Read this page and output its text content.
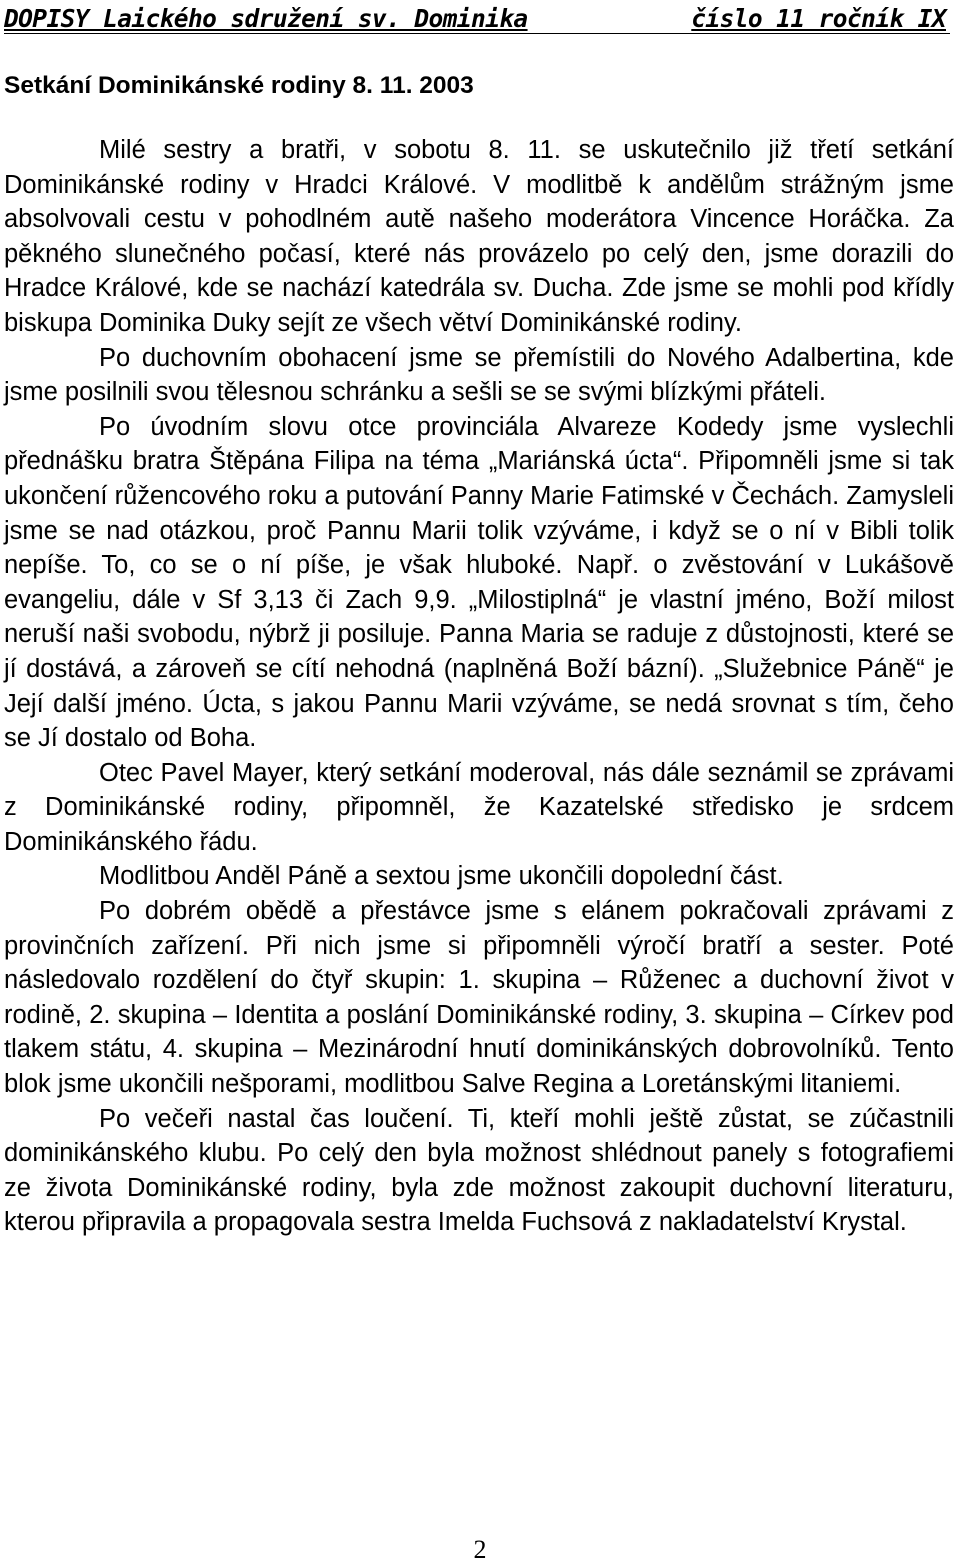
DOPISY Laického sdružení sv. Dominika	číslo 11 ročník IX
Setkání Dominikánské rodiny 8. 11. 2003

Milé sestry a bratři, v sobotu 8. 11. se uskutečnilo již třetí setkání Dominikánské rodiny v Hradci Králové. V modlitbě k andělům strážným jsme absolvovali cestu v pohodlném autě našeho moderátora Vincence Horáčka. Za pěkného slunečného počasí, které nás provázelo po celý den, jsme dorazili do Hradce Králové, kde se nachází katedrála sv. Ducha. Zde jsme se mohli pod křídly biskupa Dominika Duky sejít ze všech větví Dominikánské rodiny.

Po duchovním obohacení jsme se přemístili do Nového Adalbertina, kde jsme posilnili svou tělesnou schránku a sešli se se svými blízkými přáteli.

Po úvodním slovu otce provinciála Alvareze Kodedy jsme vyslechli přednášku bratra Štěpána Filipa na téma „Mariánská úcta“. Připomněli jsme si tak ukončení růžencového roku a putování Panny Marie Fatimské v Čechách. Zamysleli jsme se nad otázkou, proč Pannu Marii tolik vzýváme, i když se o ní v Bibli tolik nepíše. To, co se o ní píše, je však hluboké. Např. o zvěstování v Lukášově evangeliu, dále v Sf 3,13 či Zach 9,9. „Milostiplná“ je vlastní jméno, Boží milost neruší naši svobodu, nýbrž ji posiluje. Panna Maria se raduje z důstojnosti, které se jí dostává, a zároveň se cítí nehodná (naplněná Boží bázní). „Služebnice Páně“ je Její další jméno. Úcta, s jakou Pannu Marii vzýváme, se nedá srovnat s tím, čeho se Jí dostalo od Boha.

Otec Pavel Mayer, který setkání moderoval, nás dále seznámil se zprávami z Dominikánské rodiny, připomněl, že Kazatelské středisko je srdcem Dominikánského řádu.

Modlitbou Anděl Páně a sextou jsme ukončili dopolední část.

Po dobrém obědě a přestávce jsme s elánem pokračovali zprávami z provinčních zařízení. Při nich jsme si připomněli výročí bratří a sester. Poté následovalo rozdělení do čtyř skupin: 1. skupina – Růženec a duchovní život v rodině, 2. skupina – Identita a poslání Dominikánské rodiny, 3. skupina – Církev pod tlakem státu, 4. skupina – Mezinárodní hnutí dominikánských dobrovolníků. Tento blok jsme ukončili nešporami, modlitbou Salve Regina a Loretánskými litaniemi.

Po večeři nastal čas loučení. Ti, kteří mohli ještě zůstat, se zúčastnili dominikánského klubu. Po celý den byla možnost shlédnout panely s fotografiemi ze života Dominikánské rodiny, byla zde možnost zakoupit duchovní literaturu, kterou připravila a propagovala sestra Imelda Fuchsová z nakladatelství Krystal.

2
